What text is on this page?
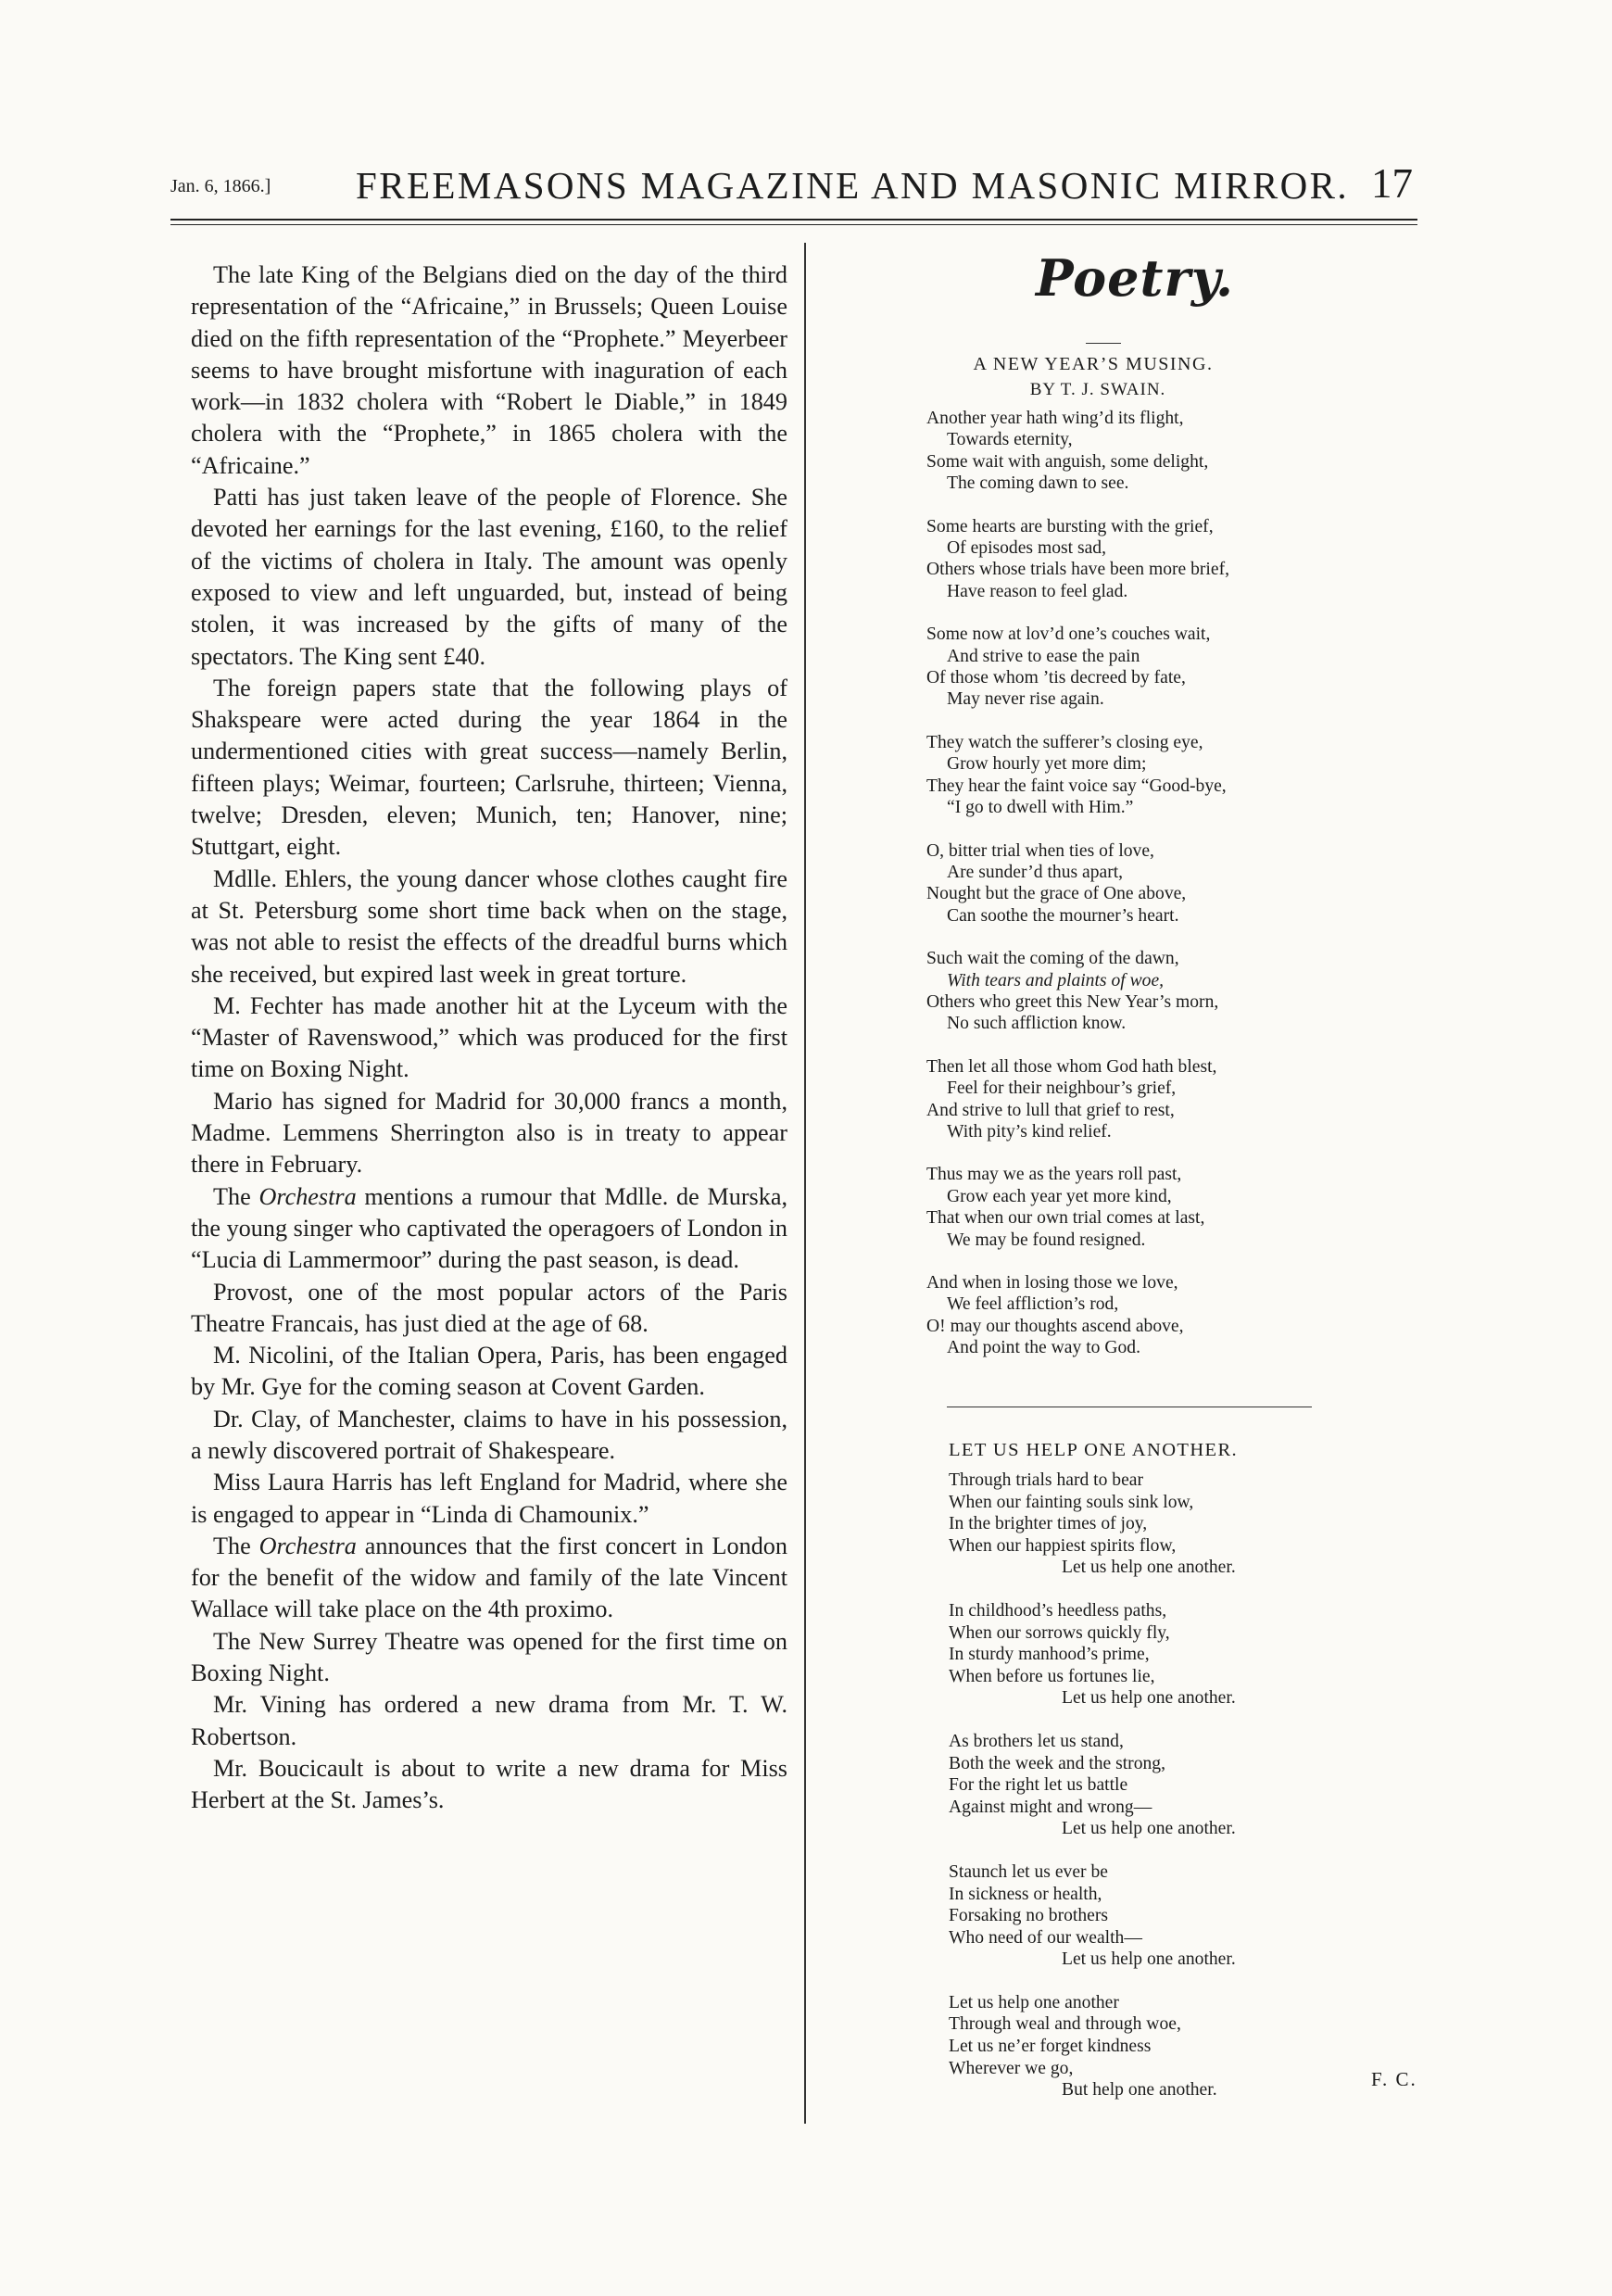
Jan. 6, 1866.] FREEMASONS MAGAZINE AND MASONIC MIRROR. 17

The late King of the Belgians died on the day of the third representation of the “Africaine,” in Brussels; Queen Louise died on the fifth representation of the “Prophete.” Meyerbeer seems to have brought misfortune with inaguration of each work—in 1832 cholera with “Robert le Diable,” in 1849 cholera with the “Prophete,” in 1865 cholera with the “Africaine.”

Patti has just taken leave of the people of Florence. She devoted her earnings for the last evening, £160, to the relief of the victims of cholera in Italy. The amount was openly exposed to view and left unguarded, but, instead of being stolen, it was increased by the gifts of many of the spectators. The King sent £40.

The foreign papers state that the following plays of Shakspeare were acted during the year 1864 in the undermentioned cities with great success—namely Berlin, fifteen plays; Weimar, fourteen; Carlsruhe, thirteen; Vienna, twelve; Dresden, eleven; Munich, ten; Hanover, nine; Stuttgart, eight.

Mdlle. Ehlers, the young dancer whose clothes caught fire at St. Petersburg some short time back when on the stage, was not able to resist the effects of the dreadful burns which she received, but expired last week in great torture.

M. Fechter has made another hit at the Lyceum with the “Master of Ravenswood,” which was produced for the first time on Boxing Night.

Mario has signed for Madrid for 30,000 francs a month, Madme. Lemmens Sherrington also is in treaty to appear there in February.

The Orchestra mentions a rumour that Mdlle. de Murska, the young singer who captivated the operagoers of London in “Lucia di Lammermoor” during the past season, is dead.

Provost, one of the most popular actors of the Paris Theatre Francais, has just died at the age of 68.

M. Nicolini, of the Italian Opera, Paris, has been engaged by Mr. Gye for the coming season at Covent Garden.

Dr. Clay, of Manchester, claims to have in his possession, a newly discovered portrait of Shakespeare.

Miss Laura Harris has left England for Madrid, where she is engaged to appear in “Linda di Chamounix.”

The Orchestra announces that the first concert in London for the benefit of the widow and family of the late Vincent Wallace will take place on the 4th proximo.

The New Surrey Theatre was opened for the first time on Boxing Night.

Mr. Vining has ordered a new drama from Mr. T. W. Robertson.

Mr. Boucicault is about to write a new drama for Miss Herbert at the St. James’s.

Poetry.
A NEW YEAR’S MUSING.
BY T. J. SWAIN.
Another year hath wing’d its flight,
Towards eternity,
Some wait with anguish, some delight,
The coming dawn to see.
Some hearts are bursting with the grief,
Of episodes most sad,
Others whose trials have been more brief,
Have reason to feel glad.
Some now at lov’d one’s couches wait,
And strive to ease the pain
Of those whom ’tis decreed by fate,
May never rise again.
They watch the sufferer’s closing eye,
Grow hourly yet more dim;
They hear the faint voice say “Good-bye,
“I go to dwell with Him.”
O, bitter trial when ties of love,
Are sunder’d thus apart,
Nought but the grace of One above,
Can soothe the mourner’s heart.
Such wait the coming of the dawn,
With tears and plaints of woe,
Others who greet this New Year’s morn,
No such affliction know.
Then let all those whom God hath blest,
Feel for their neighbour’s grief,
And strive to lull that grief to rest,
With pity’s kind relief.
Thus may we as the years roll past,
Grow each year yet more kind,
That when our own trial comes at last,
We may be found resigned.
And when in losing those we love,
We feel affliction’s rod,
O! may our thoughts ascend above,
And point the way to God.
LET US HELP ONE ANOTHER.
Through trials hard to bear
When our fainting souls sink low,
In the brighter times of joy,
When our happiest spirits flow,
Let us help one another.
In childhood’s heedless paths,
When our sorrows quickly fly,
In sturdy manhood’s prime,
When before us fortunes lie,
Let us help one another.
As brothers let us stand,
Both the week and the strong,
For the right let us battle
Against might and wrong—
Let us help one another.
Staunch let us ever be
In sickness or health,
Forsaking no brothers
Who need of our wealth—
Let us help one another.
Let us help one another
Through weal and through woe,
Let us ne’er forget kindness
Wherever we go,
But help one another.	F. C.
